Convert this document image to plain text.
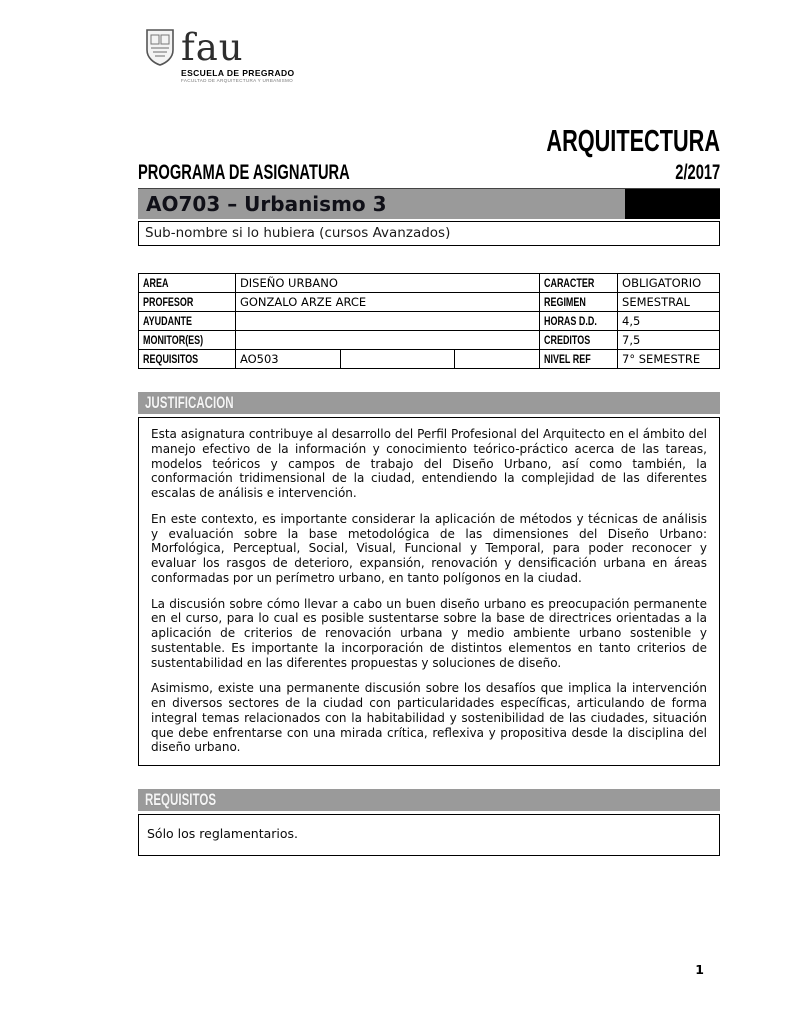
fau
ESCUELA DE PREGRADO
FACULTAD DE ARQUITECTURA Y URBANISMO
ARQUITECTURA
PROGRAMA DE ASIGNATURA	2/2017
AO703 – Urbanismo 3
Sub-nombre si lo hubiera (cursos Avanzados)
AREA	DISEÑO URBANO			CARACTER	OBLIGATORIO
PROFESOR	GONZALO ARZE ARCE			REGIMEN	SEMESTRAL
AYUDANTE				HORAS D.D.	4,5
MONITOR(ES)				CREDITOS	7,5
REQUISITOS	AO503			NIVEL REF	7° SEMESTRE
JUSTIFICACION

Esta asignatura contribuye al desarrollo del Perfil Profesional del Arquitecto en el ámbito del manejo efectivo de la información y conocimiento teórico-práctico acerca de las tareas, modelos teóricos y campos de trabajo del Diseño Urbano, así como también, la conformación tridimensional de la ciudad, entendiendo la complejidad de las diferentes escalas de análisis e intervención.

En este contexto, es importante considerar la aplicación de métodos y técnicas de análisis y evaluación sobre la base metodológica de las dimensiones del Diseño Urbano: Morfológica, Perceptual, Social, Visual, Funcional y Temporal, para poder reconocer y evaluar los rasgos de deterioro, expansión, renovación y densificación urbana en áreas conformadas por un perímetro urbano, en tanto polígonos en la ciudad.

La discusión sobre cómo llevar a cabo un buen diseño urbano es preocupación permanente en el curso, para lo cual es posible sustentarse sobre la base de directrices orientadas a la aplicación de criterios de renovación urbana y medio ambiente urbano sostenible y sustentable. Es importante la incorporación de distintos elementos en tanto criterios de sustentabilidad en las diferentes propuestas y soluciones de diseño.

Asimismo, existe una permanente discusión sobre los desafíos que implica la intervención en diversos sectores de la ciudad con particularidades específicas, articulando de forma integral temas relacionados con la habitabilidad y sostenibilidad de las ciudades, situación que debe enfrentarse con una mirada crítica, reflexiva y propositiva desde la disciplina del diseño urbano.

REQUISITOS
Sólo los reglamentarios.
1
